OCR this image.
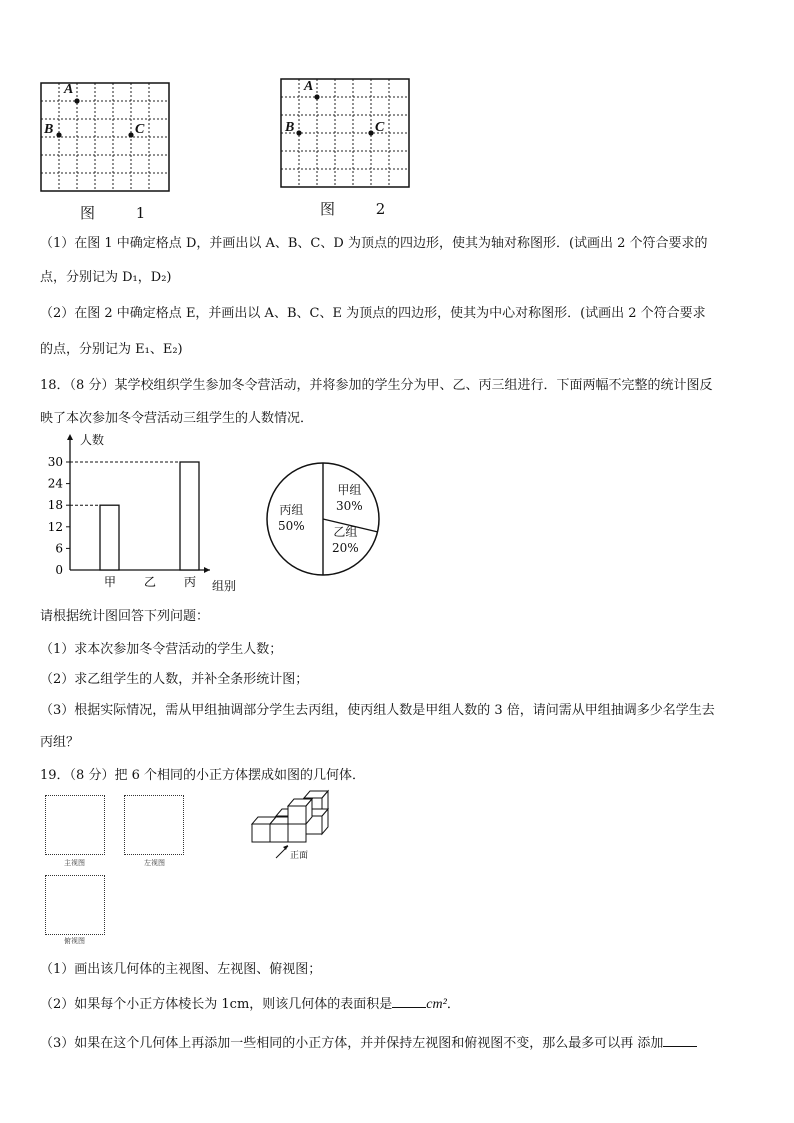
A
B	C
图 1
A
B	C
图 2
（1）在图 1 中确定格点 D，并画出以 A、B、C、D 为顶点的四边形，使其为轴对称图形．(试画出 2 个符合要求的
点，分别记为 D₁，D₂)
（2）在图 2 中确定格点 E，并画出以 A、B、C、E 为顶点的四边形，使其为中心对称图形．(试画出 2 个符合要求
的点，分别记为 E₁、E₂)
18．（8 分）某学校组织学生参加冬令营活动，并将参加的学生分为甲、乙、丙三组进行．下面两幅不完整的统计图反
映了本次参加冬令营活动三组学生的人数情况．
0
6
12
18
24
30
甲 乙 丙
人数
组别
甲组
30%
乙组
20%
丙组
50%
请根据统计图回答下列问题：
（1）求本次参加冬令营活动的学生人数；
（2）求乙组学生的人数，并补全条形统计图；
（3）根据实际情况，需从甲组抽调部分学生去丙组，使丙组人数是甲组人数的 3 倍，请问需从甲组抽调多少名学生去
丙组？
19．（8 分）把 6 个相同的小正方体摆成如图的几何体．
主视图	左视图
俯视图
正面
（1）画出该几何体的主视图、左视图、俯视图；
（2）如果每个小正方体棱长为 1cm，则该几何体的表面积是 cm²．
（3）如果在这个几何体上再添加一些相同的小正方体，并并保持左视图和俯视图不变，那么最多可以再 添加
